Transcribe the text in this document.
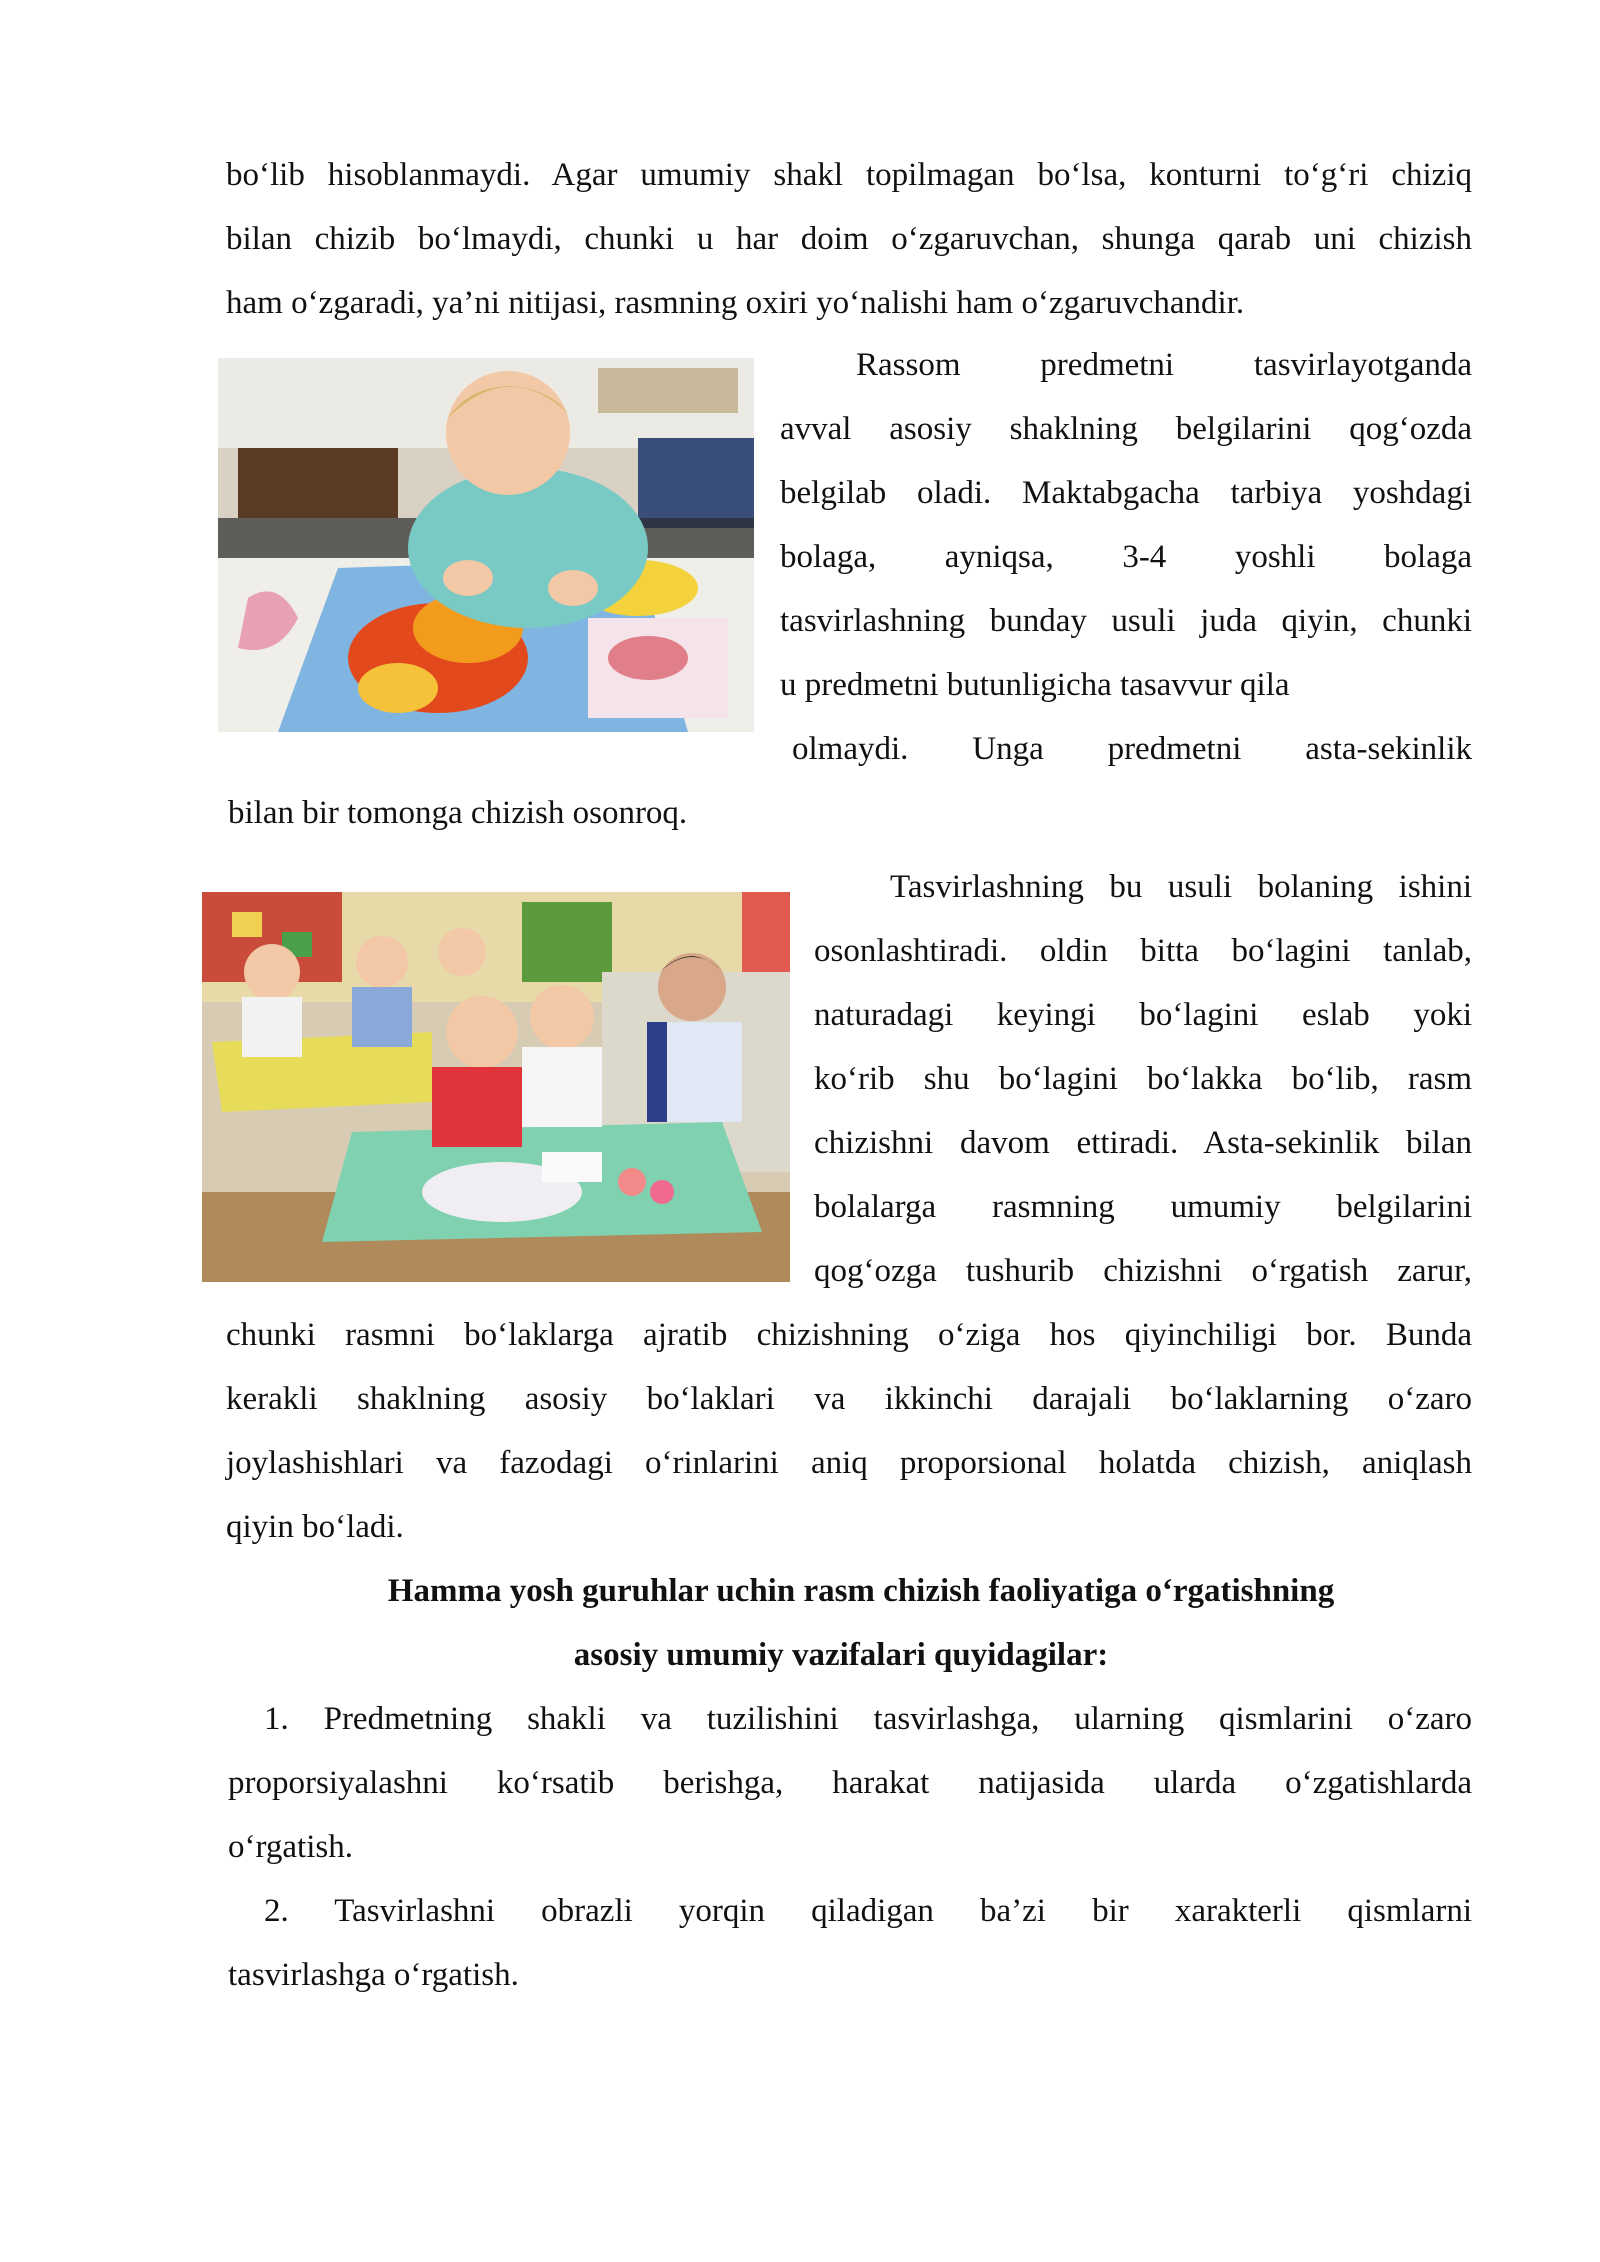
bo‘lib hisoblanmaydi. Agar umumiy shakl topilmagan bo‘lsa, konturni to‘g‘ri chiziq

bilan chizib bo‘lmaydi, chunki u har doim o‘zgaruvchan, shunga qarab uni chizish

ham o‘zgaradi, ya’ni nitijasi, rasmning oxiri yo‘nalishi ham o‘zgaruvchandir.

Rassom predmetni tasvirlayotganda

avval asosiy shaklning belgilarini qog‘ozda

belgilab oladi. Maktabgacha tarbiya yoshdagi

bolaga, ayniqsa, 3-4 yoshli bolaga

tasvirlashning bunday usuli juda qiyin, chunki

u predmetni butunligicha tasavvur qila

olmaydi. Unga predmetni asta-sekinlik

bilan bir tomonga chizish osonroq.

Tasvirlashning bu usuli bolaning ishini

osonlashtiradi. oldin bitta bo‘lagini tanlab,

naturadagi keyingi bo‘lagini eslab yoki

ko‘rib shu bo‘lagini bo‘lakka bo‘lib, rasm

chizishni davom ettiradi. Asta-sekinlik bilan

bolalarga rasmning umumiy belgilarini

qog‘ozga tushurib chizishni o‘rgatish zarur,

chunki rasmni bo‘laklarga ajratib chizishning o‘ziga hos qiyinchiligi bor. Bunda

kerakli shaklning asosiy bo‘laklari va ikkinchi darajali bo‘laklarning o‘zaro

joylashishlari va fazodagi o‘rinlarini aniq proporsional holatda chizish, aniqlash

qiyin bo‘ladi.

Hamma yosh guruhlar uchin rasm chizish faoliyatiga o‘rgatishning

asosiy umumiy vazifalari quyidagilar:

1. Predmetning shakli va tuzilishini tasvirlashga, ularning qismlarini o‘zaro

proporsiyalashni ko‘rsatib berishga, harakat natijasida ularda o‘zgatishlarda

o‘rgatish.

2. Tasvirlashni obrazli yorqin qiladigan ba’zi bir xarakterli qismlarni

tasvirlashga o‘rgatish.
